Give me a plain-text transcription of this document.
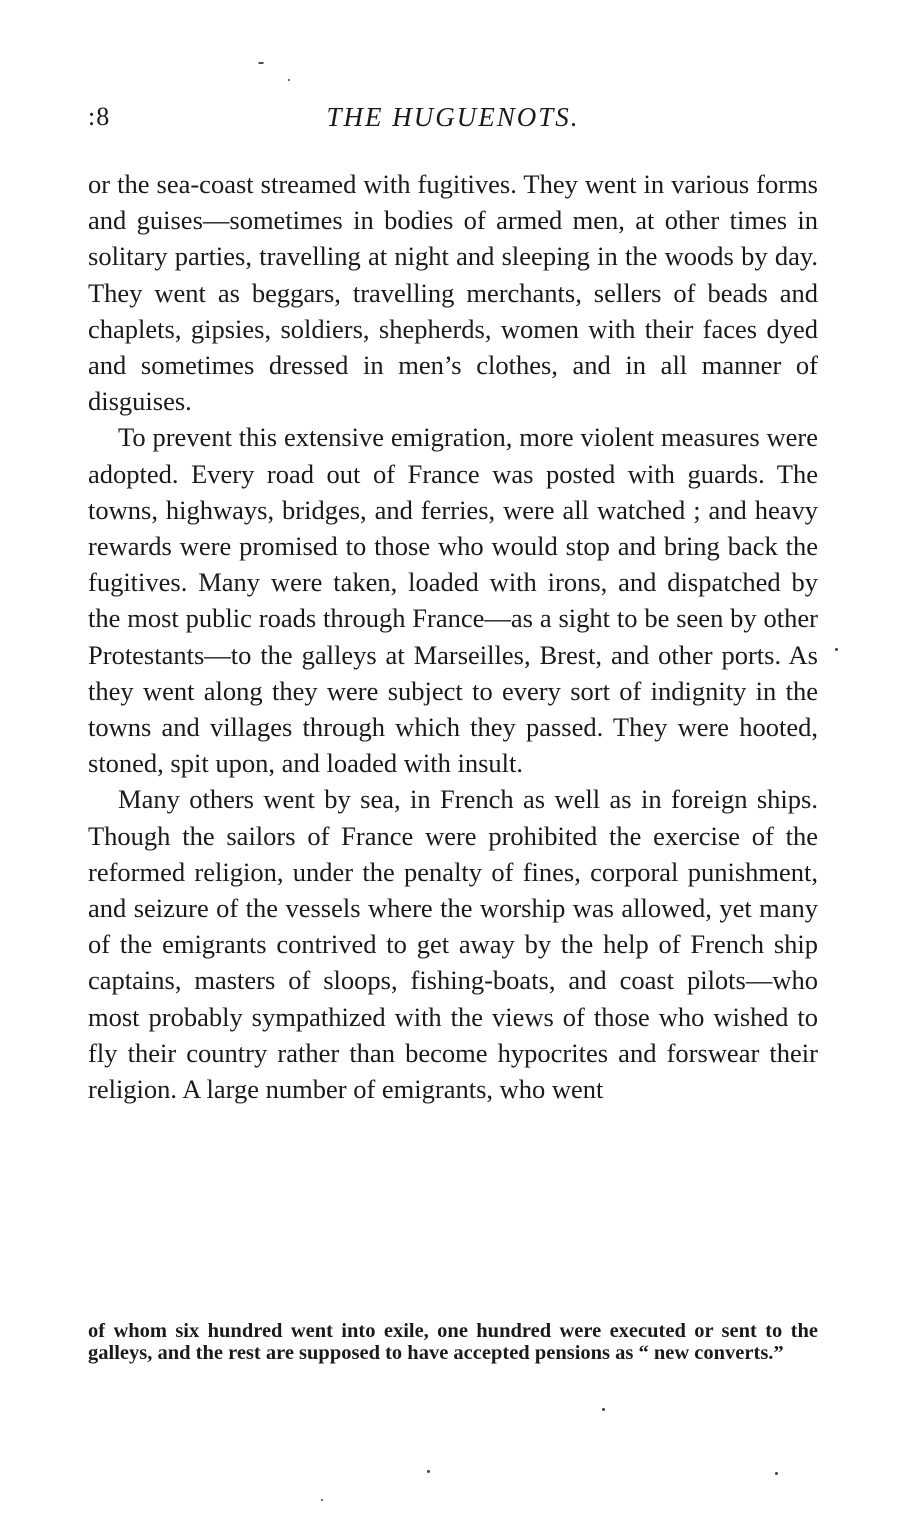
:8	THE HUGUENOTS.

or the sea-coast streamed with fugitives. They went in various forms and guises—sometimes in bodies of armed men, at other times in solitary parties, travelling at night and sleeping in the woods by day. They went as beggars, travelling merchants, sellers of beads and chaplets, gipsies, soldiers, shepherds, women with their faces dyed and sometimes dressed in men’s clothes, and in all manner of disguises.

To prevent this extensive emigration, more violent measures were adopted. Every road out of France was posted with guards. The towns, highways, bridges, and ferries, were all watched ; and heavy rewards were promised to those who would stop and bring back the fugitives. Many were taken, loaded with irons, and dispatched by the most public roads through France—as a sight to be seen by other Protestants—to the galleys at Marseilles, Brest, and other ports. As they went along they were subject to every sort of indignity in the towns and villages through which they passed. They were hooted, stoned, spit upon, and loaded with insult.

Many others went by sea, in French as well as in foreign ships. Though the sailors of France were prohibited the exercise of the reformed religion, under the penalty of fines, corporal punishment, and seizure of the vessels where the worship was allowed, yet many of the emigrants contrived to get away by the help of French ship captains, masters of sloops, fishing-boats, and coast pilots—who most probably sympathized with the views of those who wished to fly their country rather than become hypocrites and forswear their religion. A large number of emigrants, who went

of whom six hundred went into exile, one hundred were executed or sent to the galleys, and the rest are supposed to have accepted pensions as “ new converts.”
